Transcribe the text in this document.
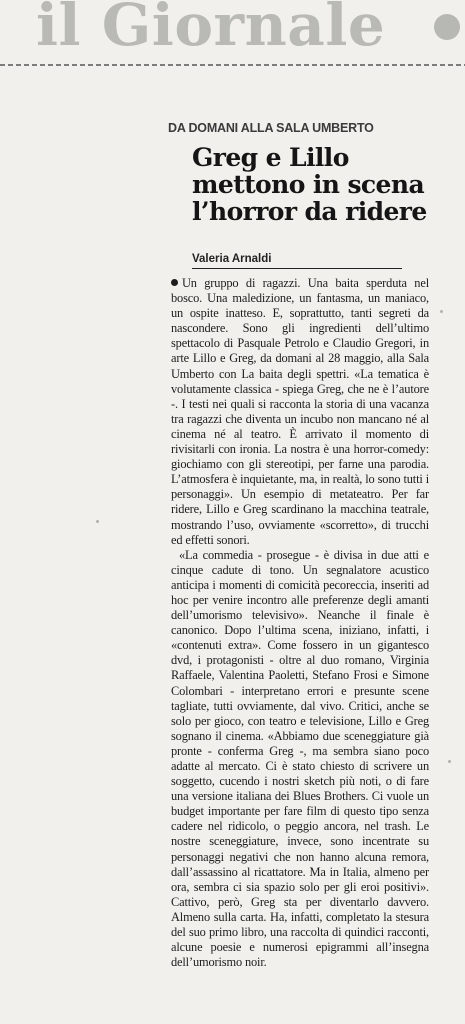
il Giornale
DA DOMANI ALLA SALA UMBERTO
Greg e Lillo
mettono in scena
l’horror da ridere
Valeria Arnaldi

Un gruppo di ragazzi. Una baita sperduta nel bosco. Una maledizione, un fantasma, un maniaco, un ospite inatteso. E, soprattutto, tanti segreti da nascondere. Sono gli ingredienti dell’ultimo spettacolo di Pasquale Petrolo e Claudio Gregori, in arte Lillo e Greg, da domani al 28 maggio, alla Sala Umberto con La baita degli spettri. «La tematica è volutamente classica - spiega Greg, che ne è l’autore -. I testi nei quali si racconta la storia di una vacanza tra ragazzi che diventa un incubo non mancano né al cinema né al teatro. È arrivato il momento di rivisitarli con ironia. La nostra è una horror-comedy: giochiamo con gli stereotipi, per farne una parodia. L’atmosfera è inquietante, ma, in realtà, lo sono tutti i personaggi». Un esempio di metateatro. Per far ridere, Lillo e Greg scardinano la macchina teatrale, mostrando l’uso, ovviamente «scorretto», di trucchi ed effetti sonori.

«La commedia - prosegue - è divisa in due atti e cinque cadute di tono. Un segnalatore acustico anticipa i momenti di comicità pecoreccia, inseriti ad hoc per venire incontro alle preferenze degli amanti dell’umorismo televisivo». Neanche il finale è canonico. Dopo l’ultima scena, iniziano, infatti, i «contenuti extra». Come fossero in un gigantesco dvd, i protagonisti - oltre al duo romano, Virginia Raffaele, Valentina Paoletti, Stefano Frosi e Simone Colombari - interpretano errori e presunte scene tagliate, tutti ovviamente, dal vivo. Critici, anche se solo per gioco, con teatro e televisione, Lillo e Greg sognano il cinema. «Abbiamo due sceneggiature già pronte - conferma Greg -, ma sembra siano poco adatte al mercato. Ci è stato chiesto di scrivere un soggetto, cucendo i nostri sketch più noti, o di fare una versione italiana dei Blues Brothers. Ci vuole un budget importante per fare film di questo tipo senza cadere nel ridicolo, o peggio ancora, nel trash. Le nostre sceneggiature, invece, sono incentrate su personaggi negativi che non hanno alcuna remora, dall’assassino al ricattatore. Ma in Italia, almeno per ora, sembra ci sia spazio solo per gli eroi positivi». Cattivo, però, Greg sta per diventarlo davvero. Almeno sulla carta. Ha, infatti, completato la stesura del suo primo libro, una raccolta di quindici racconti, alcune poesie e numerosi epigrammi all’insegna dell’umorismo noir.
